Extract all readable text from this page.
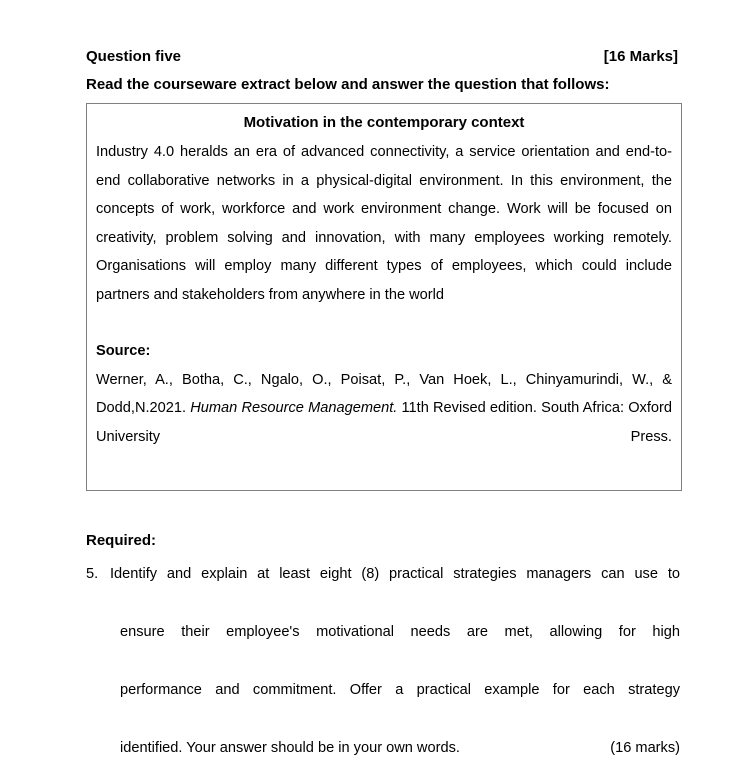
Question five	[16 Marks]
Read the courseware extract below and answer the question that follows:
Motivation in the contemporary context
Industry 4.0 heralds an era of advanced connectivity, a service orientation and end-to-end collaborative networks in a physical-digital environment. In this environment, the concepts of work, workforce and work environment change. Work will be focused on creativity, problem solving and innovation, with many employees working remotely. Organisations will employ many different types of employees, which could include partners and stakeholders from anywhere in the world
Source:
Werner, A., Botha, C., Ngalo, O., Poisat, P., Van Hoek, L., Chinyamurindi, W., & Dodd,N.2021. Human Resource Management. 11th Revised edition. South Africa: Oxford University Press.
Required:
5. Identify and explain at least eight (8) practical strategies managers can use to
ensure their employee's motivational needs are met, allowing for high
performance and commitment. Offer a practical example for each strategy
(16 marks)
identified. Your answer should be in your own words.
